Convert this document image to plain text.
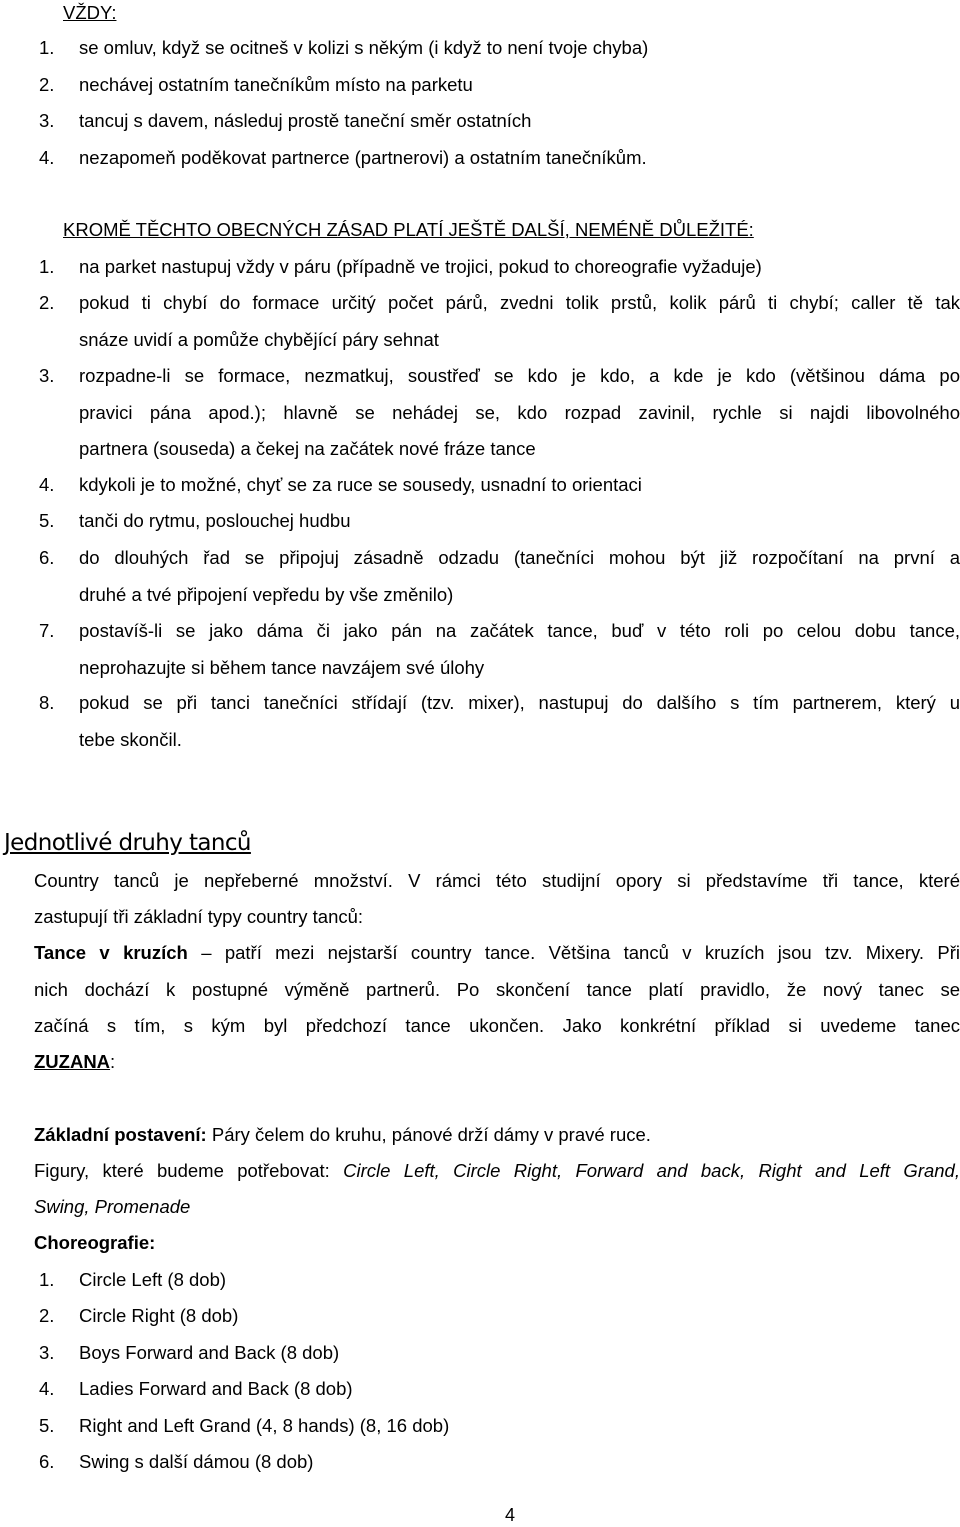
VŽDY:
1. se omluv, když se ocitneš v kolizi s někým (i když to není tvoje chyba)
2. nechávej ostatním tanečníkům místo na parketu
3. tancuj s davem, následuj prostě taneční směr ostatních
4. nezapomeň poděkovat partnerce (partnerovi) a ostatním tanečníkům.
KROMĚ TĚCHTO OBECNÝCH ZÁSAD PLATÍ JEŠTĚ DALŠÍ, NEMÉNĚ DŮLEŽITÉ:
1. na parket nastupuj vždy v páru (případně ve trojici, pokud to choreografie vyžaduje)
2. pokud ti chybí do formace určitý počet párů, zvedni tolik prstů, kolik párů ti chybí; caller tě tak
snáze uvidí a pomůže chybějící páry sehnat
3. rozpadne-li se formace, nezmatkuj, soustřeď se kdo je kdo, a kde je kdo (většinou dáma po
pravici pána apod.); hlavně se nehádej se, kdo rozpad zavinil, rychle si najdi libovolného
partnera (souseda) a čekej na začátek nové fráze tance
4. kdykoli je to možné, chyť se za ruce se sousedy, usnadní to orientaci
5. tanči do rytmu, poslouchej hudbu
6. do dlouhých řad se připojuj zásadně odzadu (tanečníci mohou být již rozpočítaní na první a
druhé a tvé připojení vepředu by vše změnilo)
7. postavíš-li se jako dáma či jako pán na začátek tance, buď v této roli po celou dobu tance,
neprohazujte si během tance navzájem své úlohy
8. pokud se při tanci tanečníci střídají (tzv. mixer), nastupuj do dalšího s tím partnerem, který u
tebe skončil.
Jednotlivé druhy tanců
Country tanců je nepřeberné množství. V rámci této studijní opory si představíme tři tance, které
zastupují tři základní typy country tanců:
Tance v kruzích – patří mezi nejstarší country tance. Většina tanců v kruzích jsou tzv. Mixery. Při
nich dochází k postupné výměně partnerů. Po skončení tance platí pravidlo, že nový tanec se
začíná s tím, s kým byl předchozí tance ukončen. Jako konkrétní příklad si uvedeme tanec
ZUZANA:
Základní postavení: Páry čelem do kruhu, pánové drží dámy v pravé ruce.
Figury, které budeme potřebovat: Circle Left, Circle Right, Forward and back, Right and Left Grand,
Swing, Promenade
Choreografie:
1. Circle Left (8 dob)
2. Circle Right (8 dob)
3. Boys Forward and Back (8 dob)
4. Ladies Forward and Back (8 dob)
5. Right and Left Grand (4, 8 hands) (8, 16 dob)
6. Swing s další dámou (8 dob)
4
